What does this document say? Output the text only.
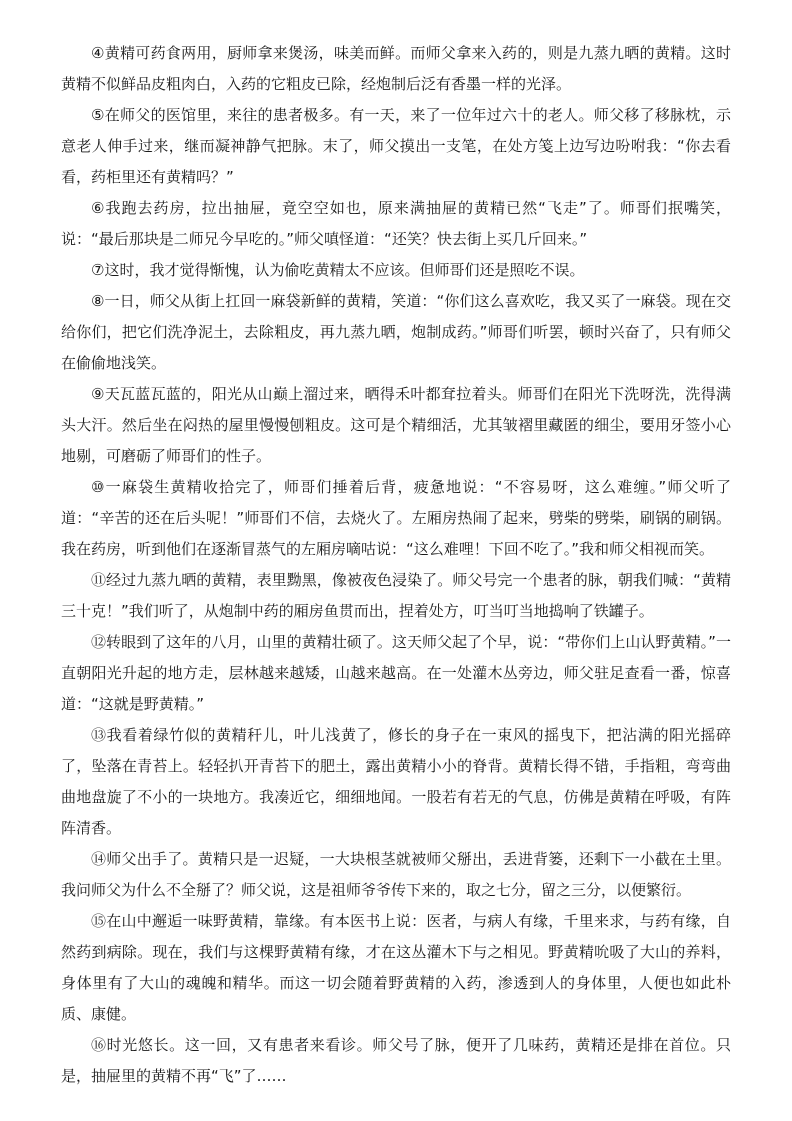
④黄精可药食两用，厨师拿来煲汤，味美而鲜。而师父拿来入药的，则是九蒸九晒的黄精。这时黄精不似鲜品皮粗肉白，入药的它粗皮已除，经炮制后泛有香墨一样的光泽。

⑤在师父的医馆里，来往的患者极多。有一天，来了一位年过六十的老人。师父移了移脉枕，示意老人伸手过来，继而凝神静气把脉。末了，师父摸出一支笔，在处方笺上边写边吩咐我：“你去看看，药柜里还有黄精吗？”

⑥我跑去药房，拉出抽屉，竟空空如也，原来满抽屉的黄精已然“飞走”了。师哥们抿嘴笑，说：“最后那块是二师兄今早吃的。”师父嗔怪道：“还笑？快去街上买几斤回来。”

⑦这时，我才觉得惭愧，认为偷吃黄精太不应该。但师哥们还是照吃不误。

⑧一日，师父从街上扛回一麻袋新鲜的黄精，笑道：“你们这么喜欢吃，我又买了一麻袋。现在交给你们，把它们洗净泥土，去除粗皮，再九蒸九晒，炮制成药。”师哥们听罢，顿时兴奋了，只有师父在偷偷地浅笑。

⑨天瓦蓝瓦蓝的，阳光从山巅上溜过来，晒得禾叶都耷拉着头。师哥们在阳光下洗呀洗，洗得满头大汗。然后坐在闷热的屋里慢慢刨粗皮。这可是个精细活，尤其皱褶里藏匿的细尘，要用牙签小心地剔，可磨砺了师哥们的性子。

⑩一麻袋生黄精收拾完了，师哥们捶着后背，疲惫地说：“不容易呀，这么难缠。”师父听了道：“辛苦的还在后头呢！”师哥们不信，去烧火了。左厢房热闹了起来，劈柴的劈柴，刷锅的刷锅。我在药房，听到他们在逐渐冒蒸气的左厢房嘀咕说：“这么难哩！下回不吃了。”我和师父相视而笑。

⑪经过九蒸九晒的黄精，表里黝黑，像被夜色浸染了。师父号完一个患者的脉，朝我们喊：“黄精三十克！”我们听了，从炮制中药的厢房鱼贯而出，捏着处方，叮当叮当地捣响了铁罐子。

⑫转眼到了这年的八月，山里的黄精壮硕了。这天师父起了个早，说：“带你们上山认野黄精。”一直朝阳光升起的地方走，层林越来越矮，山越来越高。在一处灌木丛旁边，师父驻足查看一番，惊喜道：“这就是野黄精。”

⑬我看着绿竹似的黄精秆儿，叶儿浅黄了，修长的身子在一束风的摇曳下，把沾满的阳光摇碎了，坠落在青苔上。轻轻扒开青苔下的肥土，露出黄精小小的脊背。黄精长得不错，手指粗，弯弯曲曲地盘旋了不小的一块地方。我凑近它，细细地闻。一股若有若无的气息，仿佛是黄精在呼吸，有阵阵清香。

⑭师父出手了。黄精只是一迟疑，一大块根茎就被师父掰出，丢进背篓，还剩下一小截在土里。我问师父为什么不全掰了？师父说，这是祖师爷爷传下来的，取之七分，留之三分，以便繁衍。

⑮在山中邂逅一味野黄精，靠缘。有本医书上说：医者，与病人有缘，千里来求，与药有缘，自然药到病除。现在，我们与这棵野黄精有缘，才在这丛灌木下与之相见。野黄精吮吸了大山的养料，身体里有了大山的魂魄和精华。而这一切会随着野黄精的入药，渗透到人的身体里，人便也如此朴质、康健。

⑯时光悠长。这一回，又有患者来看诊。师父号了脉，便开了几味药，黄精还是排在首位。只是，抽屉里的黄精不再“飞”了……
